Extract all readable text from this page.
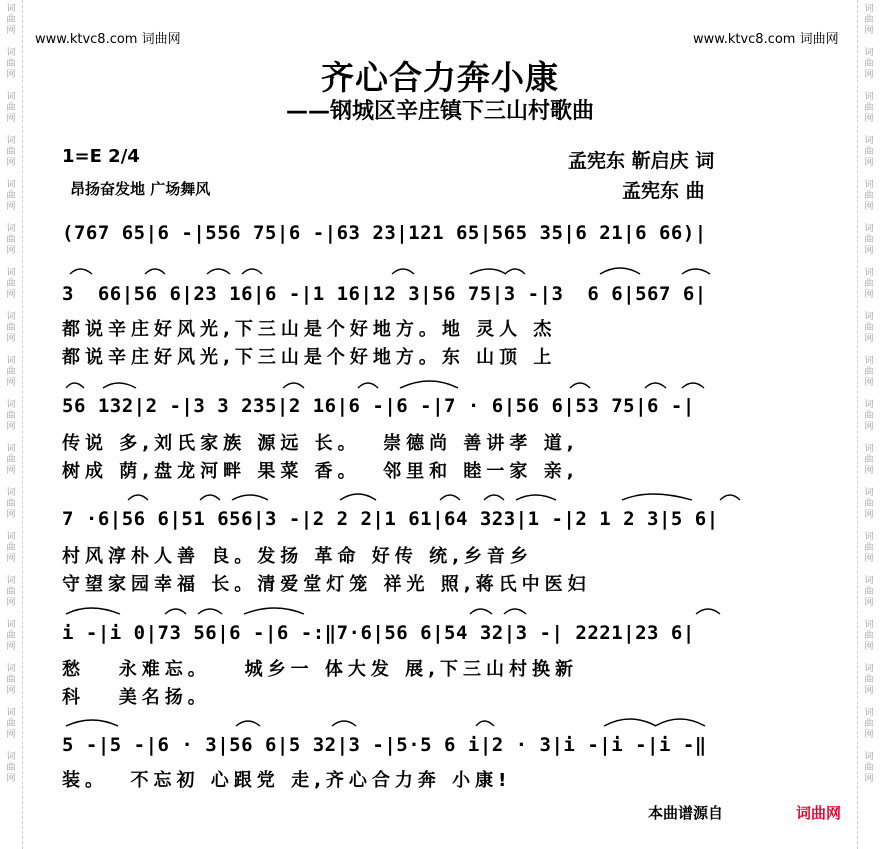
词
曲
网

词
曲
网

词
曲
网

词
曲
网

词
曲
网

词
曲
网

词
曲
网

词
曲
网

词
曲
网

词
曲
网

词
曲
网

词
曲
网

词
曲
网

词
曲
网

词
曲
网

词
曲
网

词
曲
网

词
曲
网
词
曲
网

词
曲
网

词
曲
网

词
曲
网

词
曲
网

词
曲
网

词
曲
网

词
曲
网

词
曲
网

词
曲
网

词
曲
网

词
曲
网

词
曲
网

词
曲
网

词
曲
网

词
曲
网

词
曲
网

词
曲
网
www.ktvc8.com 词曲网	www.ktvc8.com 词曲网
齐心合力奔小康
——钢城区辛庄镇下三山村歌曲
1=E 2/4
昂扬奋发地 广场舞风
孟宪东 靳启庆 词
孟宪东 曲
(767 65|6 -|556 75|6 -|63 23|121 65|565 35|6 21|6 66)|
3  66|56 6|23 16|6 -|1 16|12 3|56 75|3 -|3  6 6|567 6|
都说辛庄好风光,下三山是个好地方。地 灵人 杰
都说辛庄好风光,下三山是个好地方。东 山顶 上
56 132|2 -|3 3 235|2 16|6 -|6 -|7 · 6|56 6|53 75|6 -|
传说 多,刘氏家族 源远 长。  崇德尚 善讲孝 道,
树成 荫,盘龙河畔 果菜 香。  邻里和 睦一家 亲,
7 ·6|56 6|51 656|3 -|2 2 2|1 61|64 323|1 -|2 1 2 3|5 6|
村风淳朴人善 良。发扬 革命 好传 统,乡音乡
守望家园幸福 长。清爱堂灯笼 祥光 照,蒋氏中医妇
i -|i 0|73 56|6 -|6 -:‖7·6|56 6|54 32|3 -| 2221|23 6|
愁   永难忘。   城乡一 体大发 展,下三山村换新
科   美名扬。
5 -|5 -|6 · 3|56 6|5 32|3 -|5·5 6 i|2 · 3|i -|i -|i -‖
装。  不忘初 心跟党 走,齐心合力奔 小康!
本曲谱源自	词曲网
